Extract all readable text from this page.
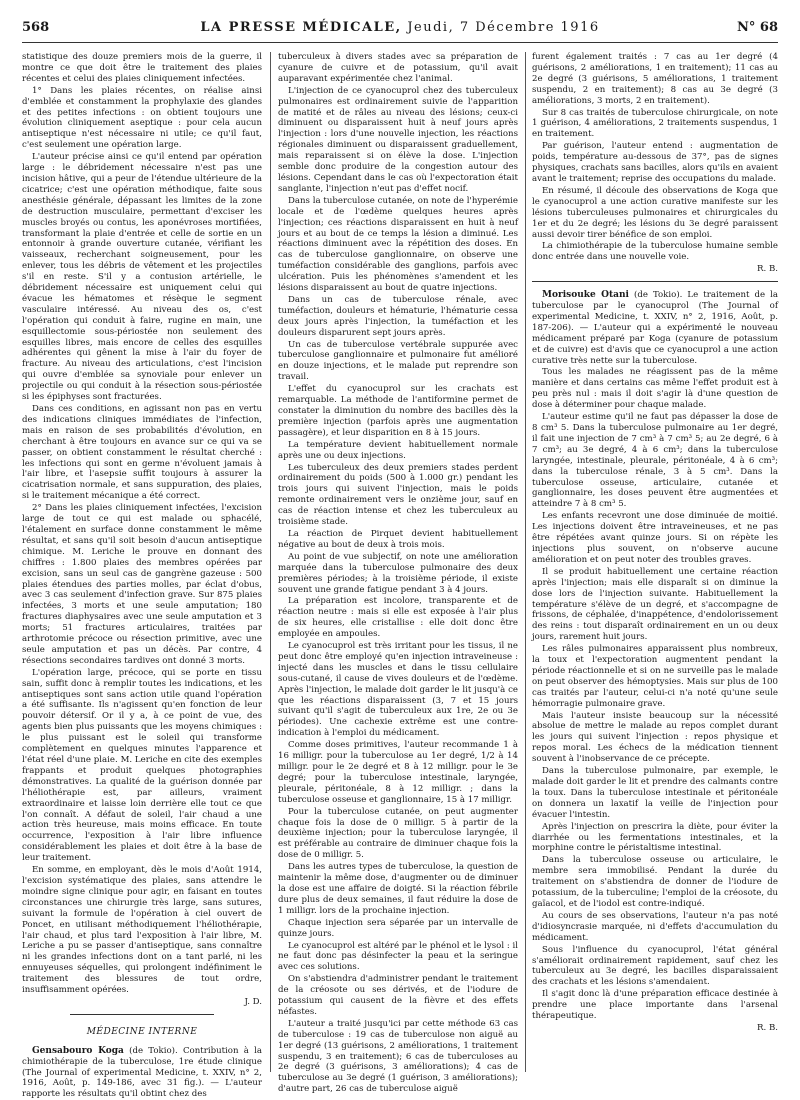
568	LA PRESSE MÉDICALE, Jeudi, 7 Décembre 1916	N° 68

statistique des douze premiers mois de la guerre, il montre ce que doit être le traitement des plaies récentes et celui des plaies cliniquement infectées.

1° Dans les plaies récentes, on réalise ainsi d'emblée et constamment la prophylaxie des glandes et des petites infections : on obtient toujours une évolution cliniquement aseptique : pour cela aucun antiseptique n'est nécessaire ni utile; ce qu'il faut, c'est seulement une opération large.

L'auteur précise ainsi ce qu'il entend par opération large : le débridement nécessaire n'est pas une incision hâtive, qui a peur de l'étendue ultérieure de la cicatrice; c'est une opération méthodique, faite sous anesthésie générale, dépassant les limites de la zone de destruction musculaire, permettant d'exciser les muscles broyés ou contus, les aponévroses mortifiées, transformant la plaie d'entrée et celle de sortie en un entonnoir à grande ouverture cutanée, vérifiant les vaisseaux, recherchant soigneusement, pour les enlever, tous les débris de vêtement et les projectiles s'il en reste. S'il y a contusion artérielle, le débridement nécessaire est uniquement celui qui évacue les hématomes et résèque le segment vasculaire intéressé. Au niveau des os, c'est l'opération qui conduit à faire, rugine en main, une esquillectomie sous-périostée non seulement des esquilles libres, mais encore de celles des esquilles adhérentes qui gênent la mise à l'air du foyer de fracture. Au niveau des articulations, c'est l'incision qui ouvre d'emblée sa synoviale pour enlever un projectile ou qui conduit à la résection sous-périostée si les épiphyses sont fracturées.

Dans ces conditions, en agissant non pas en vertu des indications cliniques immédiates de l'infection, mais en raison de ses probabilités d'évolution, en cherchant à être toujours en avance sur ce qui va se passer, on obtient constamment le résultat cherché : les infections qui sont en germe n'évoluent jamais à l'air libre, et l'asepsie suffit toujours à assurer la cicatrisation normale, et sans suppuration, des plaies, si le traitement mécanique a été correct.

2° Dans les plaies cliniquement infectées, l'excision large de tout ce qui est malade ou sphacélé, l'étalement en surface donne constamment le même résultat, et sans qu'il soit besoin d'aucun antiseptique chimique. M. Leriche le prouve en donnant des chiffres : 1.800 plaies des membres opérées par excision, sans un seul cas de gangrène gazeuse : 500 plaies étendues des parties molles, par éclat d'obus, avec 3 cas seulement d'infection grave. Sur 875 plaies infectées, 3 morts et une seule amputation; 180 fractures diaphysaires avec une seule amputation et 3 morts; 51 fractures articulaires, traitées par arthrotomie précoce ou résection primitive, avec une seule amputation et pas un décès. Par contre, 4 résections secondaires tardives ont donné 3 morts.

L'opération large, précoce, qui se porte en tissu sain, suffit donc à remplir toutes les indications, et les antiseptiques sont sans action utile quand l'opération a été suffisante. Ils n'agissent qu'en fonction de leur pouvoir détersif. Or il y a, à ce point de vue, des agents bien plus puissants que les moyens chimiques : le plus puissant est le soleil qui transforme complètement en quelques minutes l'apparence et l'état réel d'une plaie. M. Leriche en cite des exemples frappants et produit quelques photographies démonstratives. La qualité de la guérison donnée par l'héliothérapie est, par ailleurs, vraiment extraordinaire et laisse loin derrière elle tout ce que l'on connaît. A défaut de soleil, l'air chaud a une action très heureuse, mais moins efficace. En toute occurrence, l'exposition à l'air libre influence considérablement les plaies et doit être à la base de leur traitement.

En somme, en employant, dès le mois d'Août 1914, l'excision systématique des plaies, sans attendre le moindre signe clinique pour agir, en faisant en toutes circonstances une chirurgie très large, sans sutures, suivant la formule de l'opération à ciel ouvert de Poncet, en utilisant méthodiquement l'héliothérapie, l'air chaud, et plus tard l'exposition à l'air libre, M. Leriche a pu se passer d'antiseptique, sans connaître ni les grandes infections dont on a tant parlé, ni les ennuyeuses séquelles, qui prolongent indéfiniment le traitement des blessures de tout ordre, insuffisamment opérées.

J. D.

MÉDECINE INTERNE

Gensabouro Koga (de Tokio). Contribution à la chimiothérapie de la tuberculose, 1re étude clinique (The Journal of experimental Medicine, t. XXIV, n° 2, 1916, Août, p. 149-186, avec 31 fig.). — L'auteur rapporte les résultats qu'il obtint chez des

tuberculeux à divers stades avec sa préparation de cyanure de cuivre et de potassium, qu'il avait auparavant expérimentée chez l'animal.

L'injection de ce cyanocuprol chez des tuberculeux pulmonaires est ordinairement suivie de l'apparition de matité et de râles au niveau des lésions; ceux-ci diminuent ou disparaissent huit à neuf jours après l'injection : lors d'une nouvelle injection, les réactions régionales diminuent ou disparaissent graduellement, mais reparaissent si on élève la dose. L'injection semble donc produire de la congestion autour des lésions. Cependant dans le cas où l'expectoration était sanglante, l'injection n'eut pas d'effet nocif.

Dans la tuberculose cutanée, on note de l'hyperémie locale et de l'œdème quelques heures après l'injection; ces réactions disparaissent en huit à neuf jours et au bout de ce temps la lésion a diminué. Les réactions diminuent avec la répétition des doses. En cas de tuberculose ganglionnaire, on observe une tuméfaction considérable des ganglions, parfois avec ulcération. Puis les phénomènes s'amendent et les lésions disparaissent au bout de quatre injections.

Dans un cas de tuberculose rénale, avec tuméfaction, douleurs et hématurie, l'hématurie cessa deux jours après l'injection, la tuméfaction et les douleurs disparurent sept jours après.

Un cas de tuberculose vertébrale suppurée avec tuberculose ganglionnaire et pulmonaire fut amélioré en douze injections, et le malade put reprendre son travail.

L'effet du cyanocuprol sur les crachats est remarquable. La méthode de l'antiformine permet de constater la diminution du nombre des bacilles dès la première injection (parfois après une augmentation passagère), et leur disparition en 8 à 15 jours.

La température devient habituellement normale après une ou deux injections.

Les tuberculeux des deux premiers stades perdent ordinairement du poids (500 à 1.000 gr.) pendant les trois jours qui suivent l'injection, mais le poids remonte ordinairement vers le onzième jour, sauf en cas de réaction intense et chez les tuberculeux au troisième stade.

La réaction de Pirquet devient habituellement négative au bout de deux à trois mois.

Au point de vue subjectif, on note une amélioration marquée dans la tuberculose pulmonaire des deux premières périodes; à la troisième période, il existe souvent une grande fatigue pendant 3 à 4 jours.

La préparation est incolore, transparente et de réaction neutre : mais si elle est exposée à l'air plus de six heures, elle cristallise : elle doit donc être employée en ampoules.

Le cyanocuprol est très irritant pour les tissus, il ne peut donc être employé qu'en injection intraveineuse : injecté dans les muscles et dans le tissu cellulaire sous-cutané, il cause de vives douleurs et de l'œdème. Après l'injection, le malade doit garder le lit jusqu'à ce que les réactions disparaissent (3, 7 et 15 jours suivant qu'il s'agit de tuberculeux aux 1re, 2e ou 3e périodes). Une cachexie extrême est une contre-indication à l'emploi du médicament.

Comme doses primitives, l'auteur recommande 1 à 16 milligr. pour la tuberculose au 1er degré, 1/2 à 14 milligr. pour le 2e degré et 8 à 12 milligr. pour le 3e degré; pour la tuberculose intestinale, laryngée, pleurale, péritonéale, 8 à 12 milligr. ; dans la tuberculose osseuse et ganglionnaire, 15 à 17 milligr.

Pour la tuberculose cutanée, on peut augmenter chaque fois la dose de 0 milligr. 5 à partir de la deuxième injection; pour la tuberculose laryngée, il est préférable au contraire de diminuer chaque fois la dose de 0 milligr. 5.

Dans les autres types de tuberculose, la question de maintenir la même dose, d'augmenter ou de diminuer la dose est une affaire de doigté. Si la réaction fébrile dure plus de deux semaines, il faut réduire la dose de 1 milligr. lors de la prochaine injection.

Chaque injection sera séparée par un intervalle de quinze jours.

Le cyanocuprol est altéré par le phénol et le lysol : il ne faut donc pas désinfecter la peau et la seringue avec ces solutions.

On s'abstiendra d'administrer pendant le traitement de la créosote ou ses dérivés, et de l'iodure de potassium qui causent de la fièvre et des effets néfastes.

L'auteur a traité jusqu'ici par cette méthode 63 cas de tuberculose : 19 cas de tuberculose non aiguë au 1er degré (13 guérisons, 2 améliorations, 1 traitement suspendu, 3 en traitement); 6 cas de tuberculoses au 2e degré (3 guérisons, 3 améliorations); 4 cas de tuberculose au 3e degré (1 guérison, 3 améliorations); d'autre part, 26 cas de tuberculose aiguë

furent également traités : 7 cas au 1er degré (4 guérisons, 2 améliorations, 1 en traitement); 11 cas au 2e degré (3 guérisons, 5 améliorations, 1 traitement suspendu, 2 en traitement); 8 cas au 3e degré (3 améliorations, 3 morts, 2 en traitement).

Sur 8 cas traités de tuberculose chirurgicale, on note 1 guérison, 4 améliorations, 2 traitements suspendus, 1 en traitement.

Par guérison, l'auteur entend : augmentation de poids, température au-dessous de 37°, pas de signes physiques, crachats sans bacilles, alors qu'ils en avaient avant le traitement; reprise des occupations du malade.

En résumé, il découle des observations de Koga que le cyanocuprol a une action curative manifeste sur les lésions tuberculeuses pulmonaires et chirurgicales du 1er et du 2e degré; les lésions du 3e degré paraissent aussi devoir tirer bénéfice de son emploi.

La chimiothérapie de la tuberculose humaine semble donc entrée dans une nouvelle voie.

R. B.

Morisouke Otani (de Tokio). Le traitement de la tuberculose par le cyanocuprol (The Journal of experimental Medicine, t. XXIV, n° 2, 1916, Août, p. 187-206). — L'auteur qui a expérimenté le nouveau médicament préparé par Koga (cyanure de potassium et de cuivre) est d'avis que ce cyanocuprol a une action curative très nette sur la tuberculose.

Tous les malades ne réagissent pas de la même manière et dans certains cas même l'effet produit est à peu près nul : mais il doit s'agir là d'une question de dose à déterminer pour chaque malade.

L'auteur estime qu'il ne faut pas dépasser la dose de 8 cm³ 5. Dans la tuberculose pulmonaire au 1er degré, il fait une injection de 7 cm³ à 7 cm³ 5; au 2e degré, 6 à 7 cm³; au 3e degré, 4 à 6 cm³; dans la tuberculose laryngée, intestinale, pleurale, péritonéale, 4 à 6 cm³; dans la tuberculose rénale, 3 à 5 cm³. Dans la tuberculose osseuse, articulaire, cutanée et ganglionnaire, les doses peuvent être augmentées et atteindre 7 à 8 cm³ 5.

Les enfants recevront une dose diminuée de moitié. Les injections doivent être intraveineuses, et ne pas être répétées avant quinze jours. Si on répète les injections plus souvent, on n'observe aucune amélioration et on peut noter des troubles graves.

Il se produit habituellement une certaine réaction après l'injection; mais elle disparaît si on diminue la dose lors de l'injection suivante. Habituellement la température s'élève de un degré, et s'accompagne de frissons, de céphalée, d'inappétence, d'endolorissement des reins : tout disparaît ordinairement en un ou deux jours, rarement huit jours.

Les râles pulmonaires apparaissent plus nombreux, la toux et l'expectoration augmentent pendant la période réactionnelle et si on ne surveille pas le malade on peut observer des hémoptysies. Mais sur plus de 100 cas traités par l'auteur, celui-ci n'a noté qu'une seule hémorragie pulmonaire grave.

Mais l'auteur insiste beaucoup sur la nécessité absolue de mettre le malade au repos complet durant les jours qui suivent l'injection : repos physique et repos moral. Les échecs de la médication tiennent souvent à l'inobservance de ce précepte.

Dans la tuberculose pulmonaire, par exemple, le malade doit garder le lit et prendre des calmants contre la toux. Dans la tuberculose intestinale et péritonéale on donnera un laxatif la veille de l'injection pour évacuer l'intestin.

Après l'injection on prescrira la diète, pour éviter la diarrhée ou les fermentations intestinales, et la morphine contre le péristaltisme intestinal.

Dans la tuberculose osseuse ou articulaire, le membre sera immobilisé. Pendant la durée du traitement on s'abstiendra de donner de l'iodure de potassium, de la tuberculine; l'emploi de la créosote, du gaïacol, et de l'iodol est contre-indiqué.

Au cours de ses observations, l'auteur n'a pas noté d'idiosyncrasie marquée, ni d'effets d'accumulation du médicament.

Sous l'influence du cyanocuprol, l'état général s'améliorait ordinairement rapidement, sauf chez les tuberculeux au 3e degré, les bacilles disparaissaient des crachats et les lésions s'amendaient.

Il s'agit donc là d'une préparation efficace destinée à prendre une place importante dans l'arsenal thérapeutique.

R. B.
